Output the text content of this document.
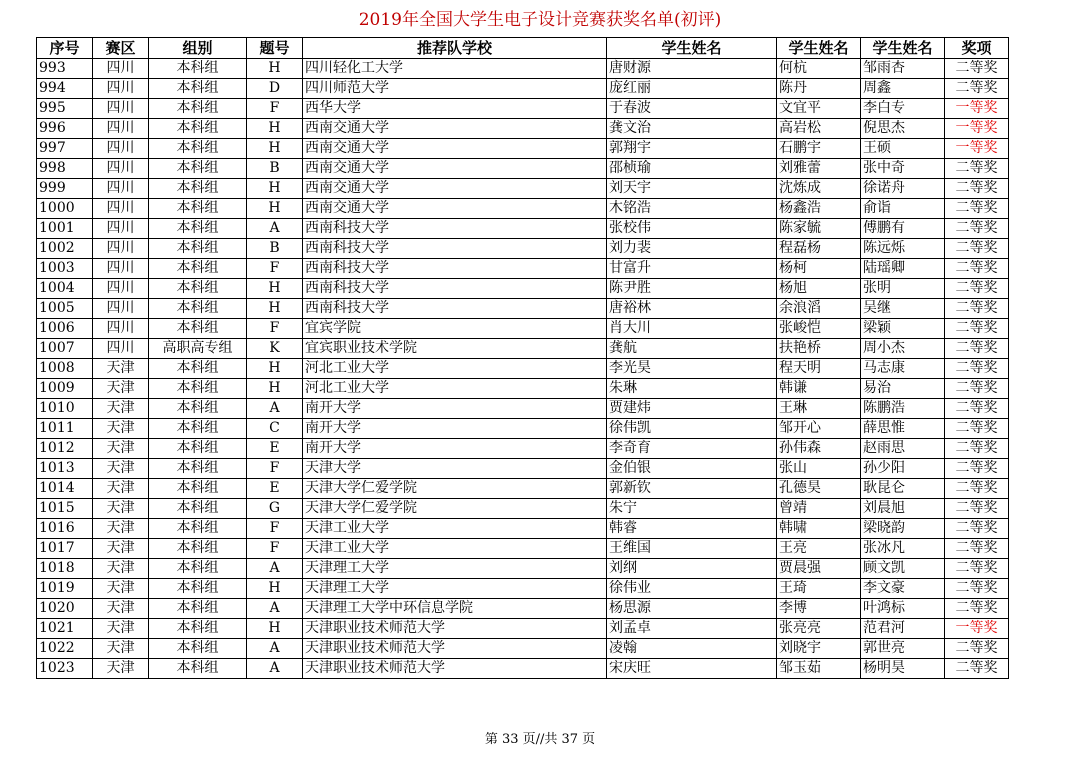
2019年全国大学生电子设计竞赛获奖名单(初评)
序号	赛区	组别	题号	推荐队学校	学生姓名	学生姓名	学生姓名	奖项
993	四川	本科组	H	四川轻化工大学	唐财源	何杭	邹雨杏	二等奖
994	四川	本科组	D	四川师范大学	庞红丽	陈丹	周鑫	二等奖
995	四川	本科组	F	西华大学	于春波	文宜平	李白专	一等奖
996	四川	本科组	H	西南交通大学	龚文治	高岩松	倪思杰	一等奖
997	四川	本科组	H	西南交通大学	郭翔宇	石鹏宇	王硕	一等奖
998	四川	本科组	B	西南交通大学	邵桢瑜	刘雅蕾	张中奇	二等奖
999	四川	本科组	H	西南交通大学	刘天宇	沈炼成	徐诺舟	二等奖
1000	四川	本科组	H	西南交通大学	木铭浩	杨鑫浩	俞诣	二等奖
1001	四川	本科组	A	西南科技大学	张校伟	陈家毓	傅鹏有	二等奖
1002	四川	本科组	B	西南科技大学	刘力裴	程磊杨	陈远烁	二等奖
1003	四川	本科组	F	西南科技大学	甘富升	杨柯	陆瑶卿	二等奖
1004	四川	本科组	H	西南科技大学	陈尹胜	杨旭	张明	二等奖
1005	四川	本科组	H	西南科技大学	唐裕林	余浪滔	吴继	二等奖
1006	四川	本科组	F	宜宾学院	肖大川	张峻恺	梁颖	二等奖
1007	四川	高职高专组	K	宜宾职业技术学院	龚航	扶艳桥	周小杰	二等奖
1008	天津	本科组	H	河北工业大学	李光昊	程天明	马志康	二等奖
1009	天津	本科组	H	河北工业大学	朱琳	韩谦	易治	二等奖
1010	天津	本科组	A	南开大学	贾建炜	王琳	陈鹏浩	二等奖
1011	天津	本科组	C	南开大学	徐伟凯	邹开心	薛思惟	二等奖
1012	天津	本科组	E	南开大学	李奇育	孙伟森	赵雨思	二等奖
1013	天津	本科组	F	天津大学	金伯银	张山	孙少阳	二等奖
1014	天津	本科组	E	天津大学仁爱学院	郭新钦	孔德昊	耿昆仑	二等奖
1015	天津	本科组	G	天津大学仁爱学院	朱宁	曾靖	刘晨旭	二等奖
1016	天津	本科组	F	天津工业大学	韩睿	韩啸	梁晓韵	二等奖
1017	天津	本科组	F	天津工业大学	王维国	王亮	张冰凡	二等奖
1018	天津	本科组	A	天津理工大学	刘纲	贾晨强	顾文凯	二等奖
1019	天津	本科组	H	天津理工大学	徐伟业	王琦	李文豪	二等奖
1020	天津	本科组	A	天津理工大学中环信息学院	杨思源	李博	叶鸿标	二等奖
1021	天津	本科组	H	天津职业技术师范大学	刘孟卓	张亮亮	范君河	一等奖
1022	天津	本科组	A	天津职业技术师范大学	凌翰	刘晓宇	郭世亮	二等奖
1023	天津	本科组	A	天津职业技术师范大学	宋庆旺	邹玉茹	杨明昊	二等奖
第 33 页//共 37 页
